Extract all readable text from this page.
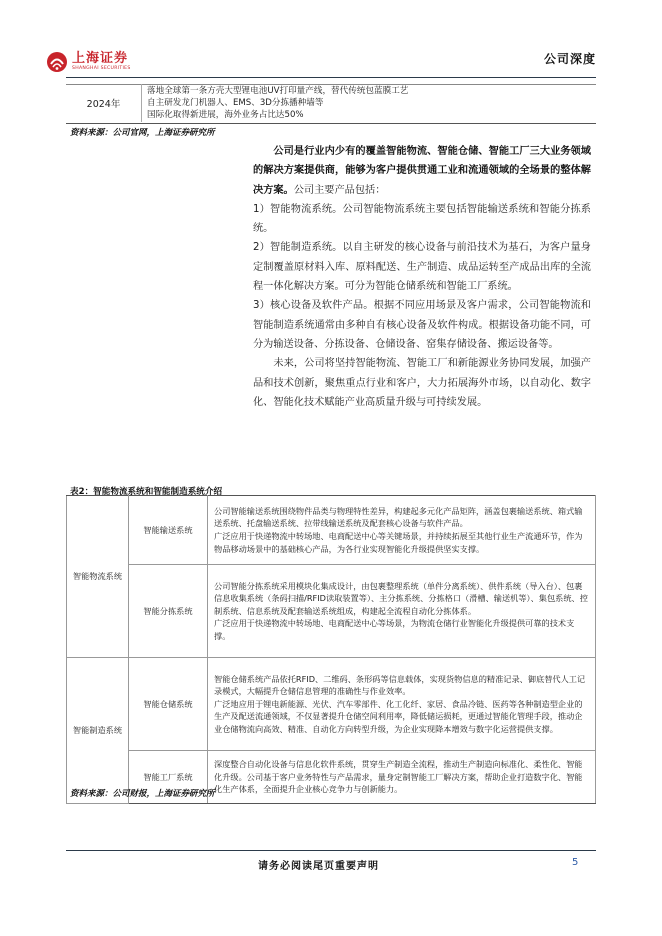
上海证券
SHANGHAI SECURITIES
公司深度
2024年
落地全球第一条方壳大型锂电池UV打印量产线，替代传统包蓝膜工艺
自主研发龙门机器人、EMS、3D分拣播种墙等
国际化取得新进展，海外业务占比达50%
资料来源：公司官网，上海证券研究所

公司是行业内少有的覆盖智能物流、智能仓储、智能工厂三大业务领域的解决方案提供商，能够为客户提供贯通工业和流通领域的全场景的整体解决方案。公司主要产品包括：

1）智能物流系统。公司智能物流系统主要包括智能输送系统和智能分拣系统。

2）智能制造系统。以自主研发的核心设备与前沿技术为基石，为客户量身定制覆盖原材料入库、原料配送、生产制造、成品运转至产成品出库的全流程一体化解决方案。可分为智能仓储系统和智能工厂系统。

3）核心设备及软件产品。根据不同应用场景及客户需求，公司智能物流和智能制造系统通常由多种自有核心设备及软件构成。根据设备功能不同，可分为输送设备、分拣设备、仓储设备、窑集存储设备、搬运设备等。

未来，公司将坚持智能物流、智能工厂和新能源业务协同发展，加强产品和技术创新，聚焦重点行业和客户，大力拓展海外市场，以自动化、数字化、智能化技术赋能产业高质量升级与可持续发展。

表2：智能物流系统和智能制造系统介绍
智能物流系统	智能输送系统	公司智能输送系统围绕物件品类与物理特性差异，构建起多元化产品矩阵，涵盖包裹输送系统、箱式输送系统、托盘输送系统、拉带线输送系统及配套核心设备与软件产品。

广泛应用于快递物流中转场地、电商配送中心等关键场景，并持续拓展至其他行业生产流通环节，作为物品移动场景中的基础核心产品，为各行业实现智能化升级提供坚实支撑。

	智能分拣系统	公司智能分拣系统采用模块化集成设计，由包裹整理系统（单件分离系统）、供件系统（导入台）、包裹信息收集系统（条码扫描/RFID读取装置等）、主分拣系统、分拣格口（滑槽、输送机等）、集包系统、控制系统、信息系统及配套输送系统组成，构建起全流程自动化分拣体系。

广泛应用于快递物流中转场地、电商配送中心等场景，为物流仓储行业智能化升级提供可靠的技术支撑。

智能制造系统	智能仓储系统	智能仓储系统产品依托RFID、二维码、条形码等信息载体，实现货物信息的精准记录、御底替代人工记录模式，大幅提升仓储信息管理的准确性与作业效率。

广泛地应用于锂电新能源、光伏、汽车零部件、化工化纤、家居、食品冷链、医药等各种制造型企业的生产及配送流通领域，不仅显著提升仓储空间利用率，降低储运损耗，更通过智能化管理手段，推动企业仓储物流向高效、精准、自动化方向转型升级，为企业实现降本增效与数字化运营提供支撑。

	智能工厂系统	深度整合自动化设备与信息化软件系统，贯穿生产制造全流程，推动生产制造向标准化、柔性化、智能化升级。公司基于客户业务特性与产品需求，量身定制智能工厂解决方案，帮助企业打造数字化、智能化生产体系，全面提升企业核心竞争力与创新能力。

资料来源：公司财报，上海证券研究所
请务必阅读尾页重要声明	5
